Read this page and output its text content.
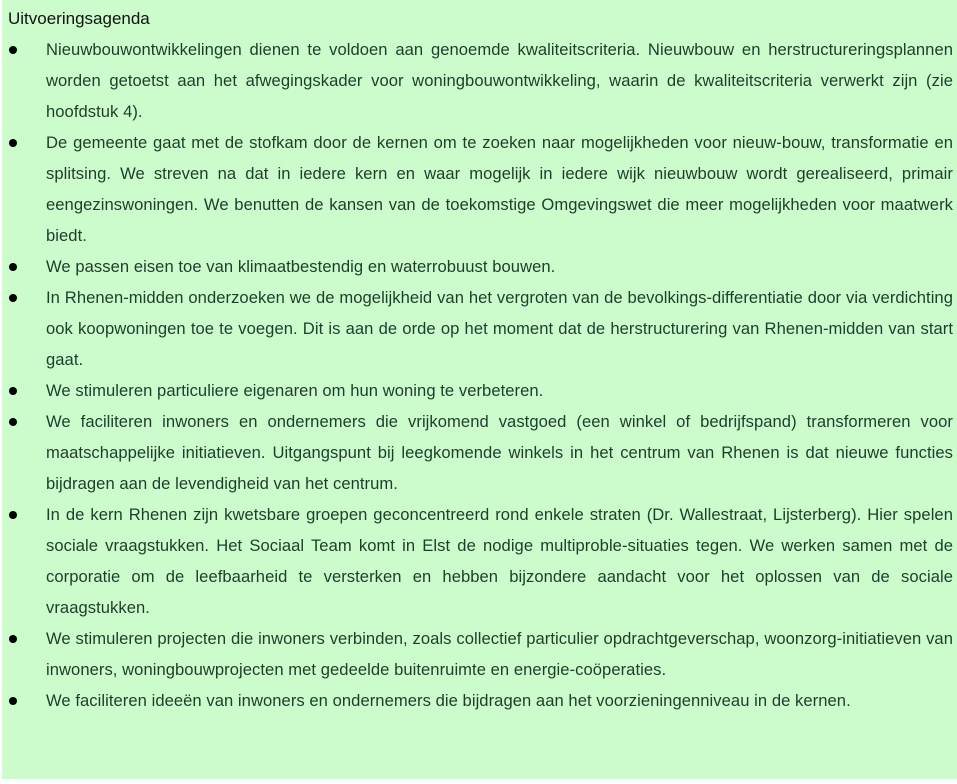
Uitvoeringsagenda
Nieuwbouwontwikkelingen dienen te voldoen aan genoemde kwaliteitscriteria. Nieuwbouw en herstructureringsplannen worden getoetst aan het afwegingskader voor woningbouwontwikkeling, waarin de kwaliteitscriteria verwerkt zijn (zie hoofdstuk 4).
De gemeente gaat met de stofkam door de kernen om te zoeken naar mogelijkheden voor nieuw-bouw, transformatie en splitsing. We streven na dat in iedere kern en waar mogelijk in iedere wijk nieuwbouw wordt gerealiseerd, primair eengezinswoningen. We benutten de kansen van de toekomstige Omgevingswet die meer mogelijkheden voor maatwerk biedt.
We passen eisen toe van klimaatbestendig en waterrobuust bouwen.
In Rhenen-midden onderzoeken we de mogelijkheid van het vergroten van de bevolkings-differentiatie door via verdichting ook koopwoningen toe te voegen. Dit is aan de orde op het moment dat de herstructurering van Rhenen-midden van start gaat.
We stimuleren particuliere eigenaren om hun woning te verbeteren.
We faciliteren inwoners en ondernemers die vrijkomend vastgoed (een winkel of bedrijfspand) transformeren voor maatschappelijke initiatieven. Uitgangspunt bij leegkomende winkels in het centrum van Rhenen is dat nieuwe functies bijdragen aan de levendigheid van het centrum.
In de kern Rhenen zijn kwetsbare groepen geconcentreerd rond enkele straten (Dr. Wallestraat, Lijsterberg). Hier spelen sociale vraagstukken. Het Sociaal Team komt in Elst de nodige multiproble-situaties tegen. We werken samen met de corporatie om de leefbaarheid te versterken en hebben bijzondere aandacht voor het oplossen van de sociale vraagstukken.
We stimuleren projecten die inwoners verbinden, zoals collectief particulier opdrachtgeverschap, woonzorg-initiatieven van inwoners, woningbouwprojecten met gedeelde buitenruimte en energie-coöperaties.
We faciliteren ideeën van inwoners en ondernemers die bijdragen aan het voorzieningenniveau in de kernen.
